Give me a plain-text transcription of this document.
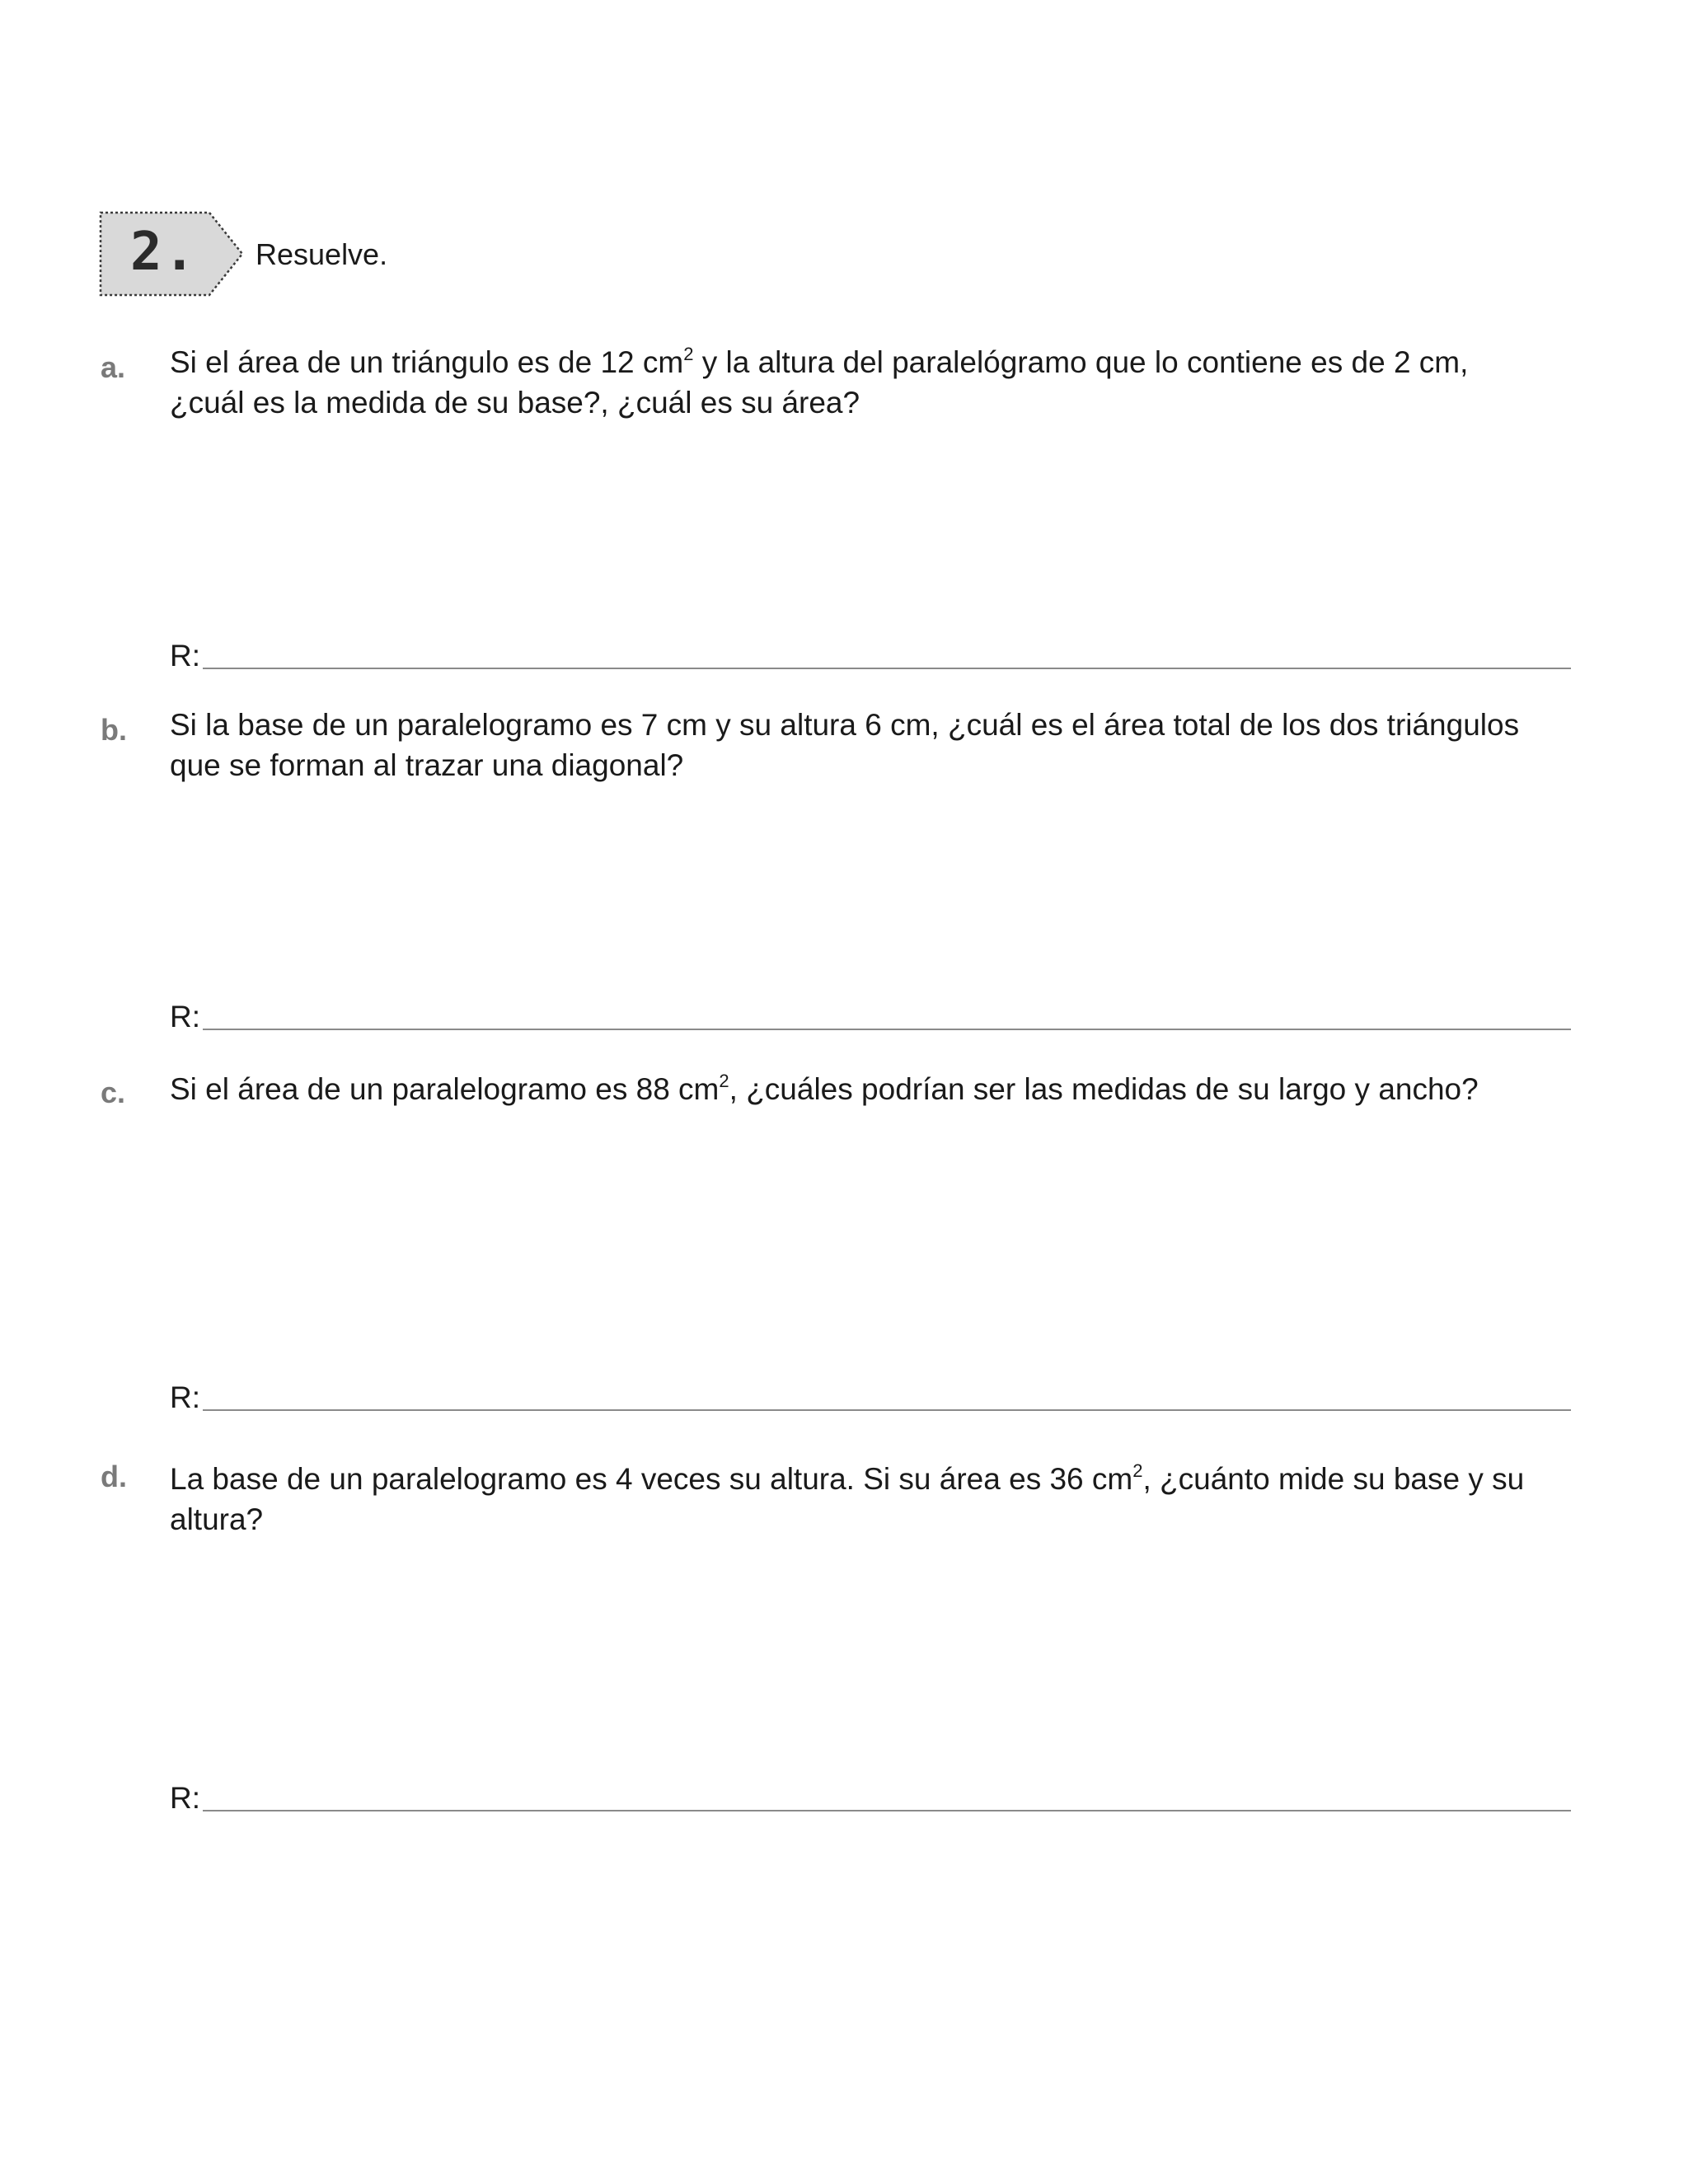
2.	Resuelve.
a. Si el área de un triángulo es de 12 $cm^2$ y la altura del paralelógramo que lo contiene es de 2 cm,
¿cuál es la medida de su base?, ¿cuál es su área?
R:
b. Si la base de un paralelogramo es 7 cm y su altura 6 cm, ¿cuál es el área total de los dos triángulos
que se forman al trazar una diagonal?
R:
c. Si el área de un paralelogramo es 88 $cm^2$, ¿cuáles podrían ser las medidas de su largo y ancho?
R:
d. La base de un paralelogramo es 4 veces su altura. Si su área es 36 $cm^2$, ¿cuánto mide su base y su
altura?
R:
